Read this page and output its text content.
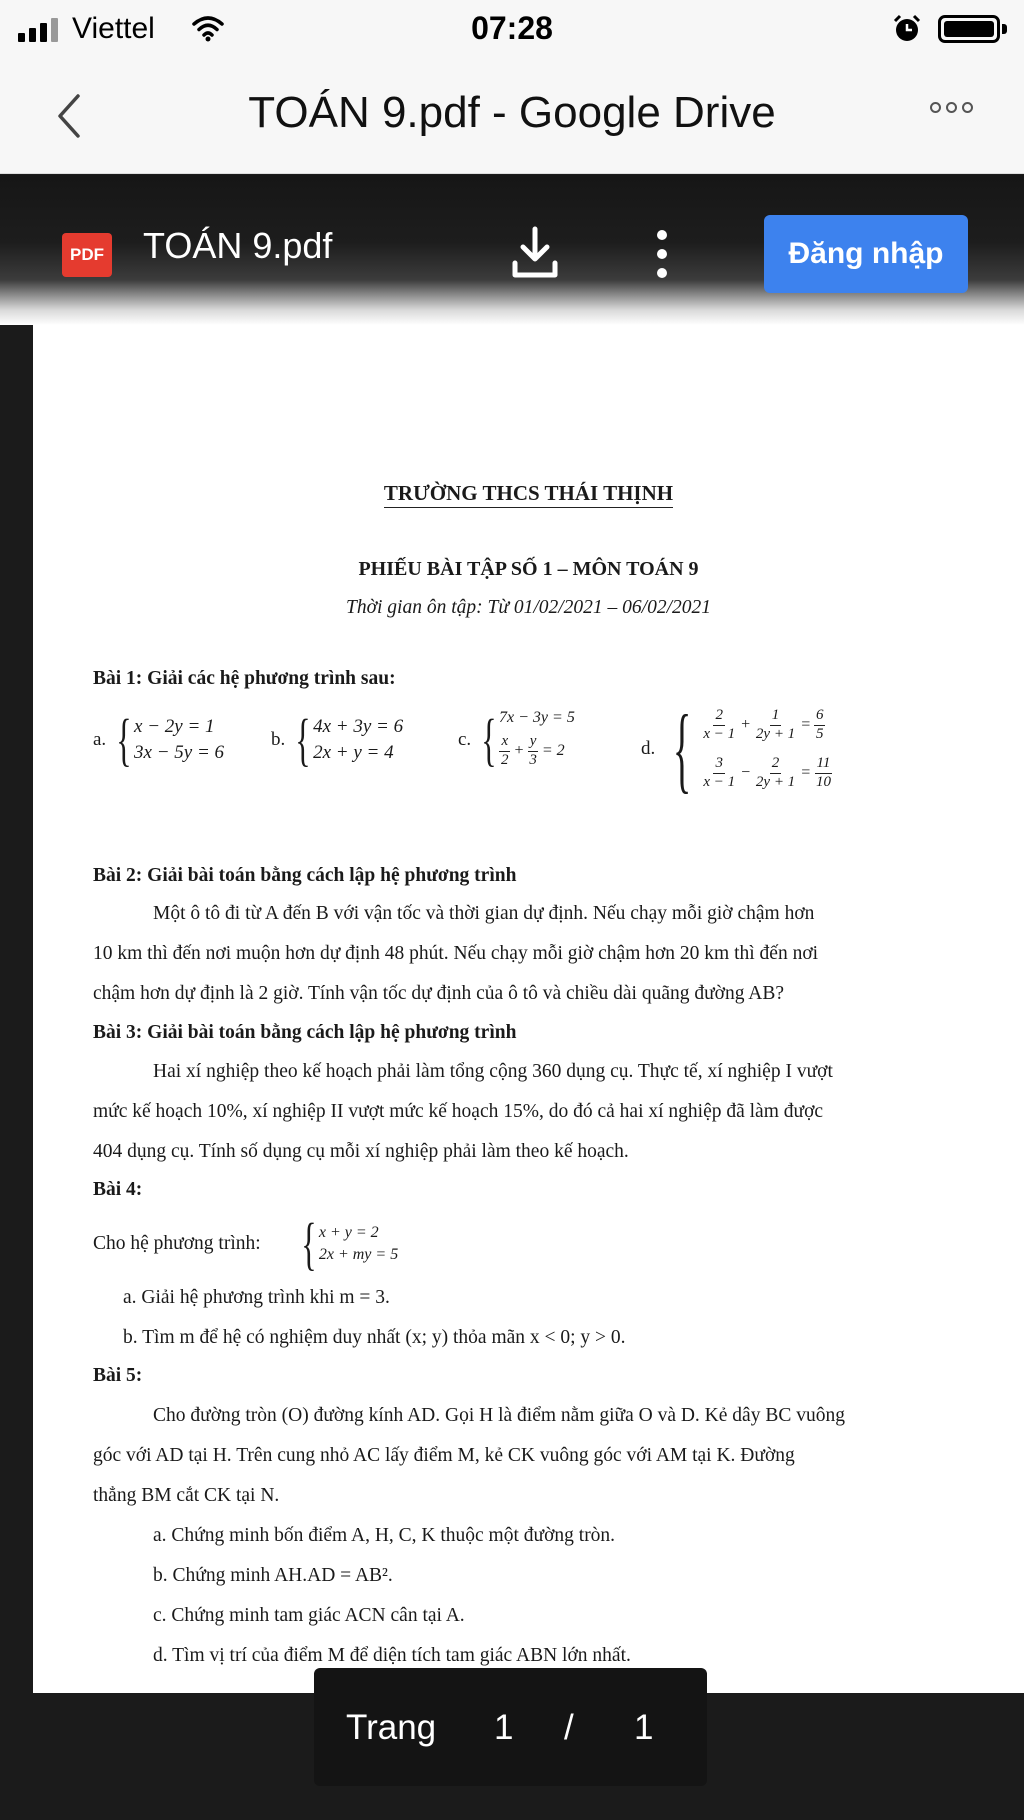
Viettel	07:28
TOÁN 9.pdf - Google Drive
PDF TOÁN 9.pdf	Đăng nhập
TRƯỜNG THCS THÁI THỊNH
PHIẾU BÀI TẬP SỐ 1 – MÔN TOÁN 9
Thời gian ôn tập: Từ 01/02/2021 – 06/02/2021
Bài 1: Giải các hệ phương trình sau:
a. { x − 2y = 1
3x − 5y = 6
b. { 4x + 3y = 6
2x + y = 4
c. { 7x − 3y = 5
$\frac{x}{2} + \frac{y}{3} = 2$	d. { $\frac{2}{x - 1} + \frac{1}{2y + 1} = \frac{6}{5}$
$\frac{3}{x - 1} - \frac{2}{2y + 1} = \frac{11}{10}$
Bài 2: Giải bài toán bằng cách lập hệ phương trình
Một ô tô đi từ A đến B với vận tốc và thời gian dự định. Nếu chạy mỗi giờ chậm hơn
10 km thì đến nơi muộn hơn dự định 48 phút. Nếu chạy mỗi giờ chậm hơn 20 km thì đến nơi
chậm hơn dự định là 2 giờ. Tính vận tốc dự định của ô tô và chiều dài quãng đường AB?
Bài 3: Giải bài toán bằng cách lập hệ phương trình
Hai xí nghiệp theo kế hoạch phải làm tổng cộng 360 dụng cụ. Thực tế, xí nghiệp I vượt
mức kế hoạch 10%, xí nghiệp II vượt mức kế hoạch 15%, do đó cả hai xí nghiệp đã làm được
404 dụng cụ. Tính số dụng cụ mỗi xí nghiệp phải làm theo kế hoạch.
Bài 4:
Cho hệ phương trình: { x + y = 2
2x + my = 5
a. Giải hệ phương trình khi m = 3.
b. Tìm m để hệ có nghiệm duy nhất (x; y) thỏa mãn x < 0; y > 0.
Bài 5:
Cho đường tròn (O) đường kính AD. Gọi H là điểm nằm giữa O và D. Kẻ dây BC vuông
góc với AD tại H. Trên cung nhỏ AC lấy điểm M, kẻ CK vuông góc với AM tại K. Đường
thẳng BM cắt CK tại N.
a. Chứng minh bốn điểm A, H, C, K thuộc một đường tròn.
b. Chứng minh AH.AD = AB².
c. Chứng minh tam giác ACN cân tại A.
d. Tìm vị trí của điểm M để diện tích tam giác ABN lớn nhất.
Trang 1 / 1
